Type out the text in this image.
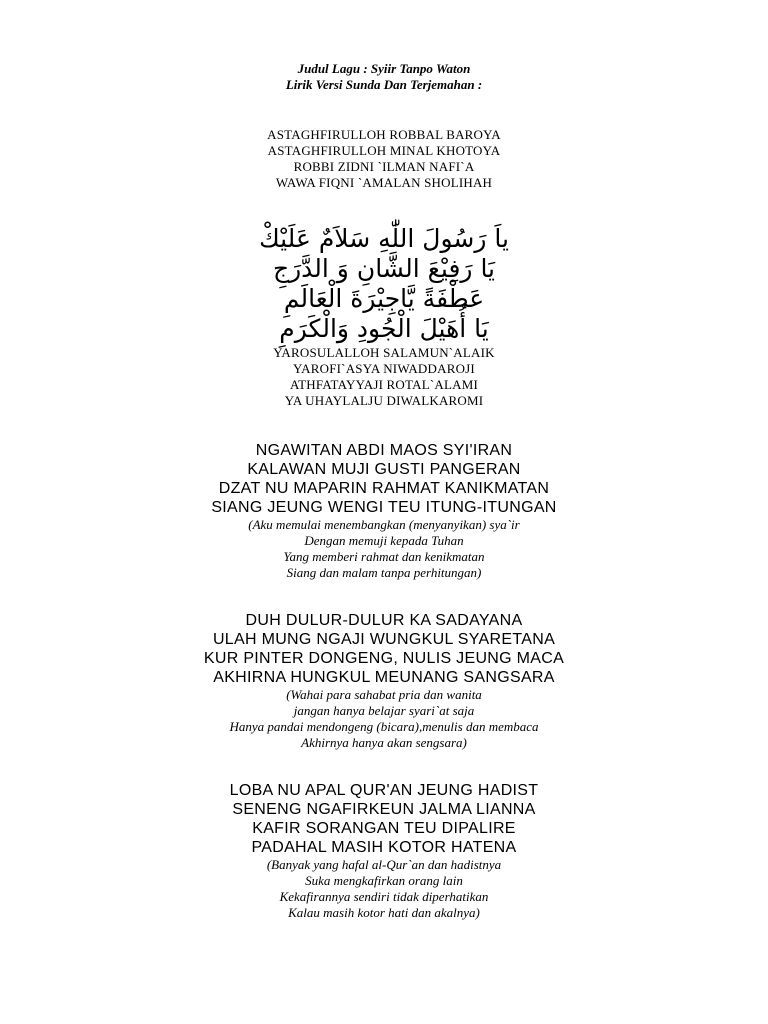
Judul Lagu : Syiir Tanpo Waton

Lirik Versi Sunda Dan Terjemahan :

ASTAGHFIRULLOH ROBBAL BAROYA

ASTAGHFIRULLOH MINAL KHOTOYA

ROBBI ZIDNI `ILMAN NAFI`A

WAWA FIQNI `AMALAN SHOLIHAH

ياَ رَسُولَ اللّٰهِ سَلاَمٌ عَلَيْكْ

يَا رَفِيْعَ الشَّانِ وَ الدَّرَجِ

عَطْفَةً يَّاجِيْرَةَ الْعَالَمِ

يَا أُهَيْلَ الْجُودِ وَالْكَرَمِ

YAROSULALLOH SALAMUN`ALAIK

YAROFI`ASYA NIWADDAROJI

ATHFATAYYAJI ROTAL`ALAMI

YA UHAYLALJU DIWALKAROMI

NGAWITAN ABDI MAOS SYI'IRAN

KALAWAN MUJI GUSTI PANGERAN

DZAT NU MAPARIN RAHMAT KANIKMATAN

SIANG JEUNG WENGI TEU ITUNG-ITUNGAN

(Aku memulai menembangkan (menyanyikan) sya`ir

Dengan memuji kepada Tuhan

Yang memberi rahmat dan kenikmatan

Siang dan malam tanpa perhitungan)

DUH DULUR-DULUR KA SADAYANA

ULAH MUNG NGAJI WUNGKUL SYARETANA

KUR PINTER DONGENG, NULIS JEUNG MACA

AKHIRNA HUNGKUL MEUNANG SANGSARA

(Wahai para sahabat pria dan wanita

jangan hanya belajar syari`at saja

Hanya pandai mendongeng (bicara),menulis dan membaca

Akhirnya hanya akan sengsara)

LOBA NU APAL QUR'AN JEUNG HADIST

SENENG NGAFIRKEUN JALMA LIANNA

KAFIR SORANGAN TEU DIPALIRE

PADAHAL MASIH KOTOR HATENA

(Banyak yang hafal al-Qur`an dan hadistnya

Suka mengkafirkan orang lain

Kekafirannya sendiri tidak diperhatikan

Kalau masih kotor hati dan akalnya)
